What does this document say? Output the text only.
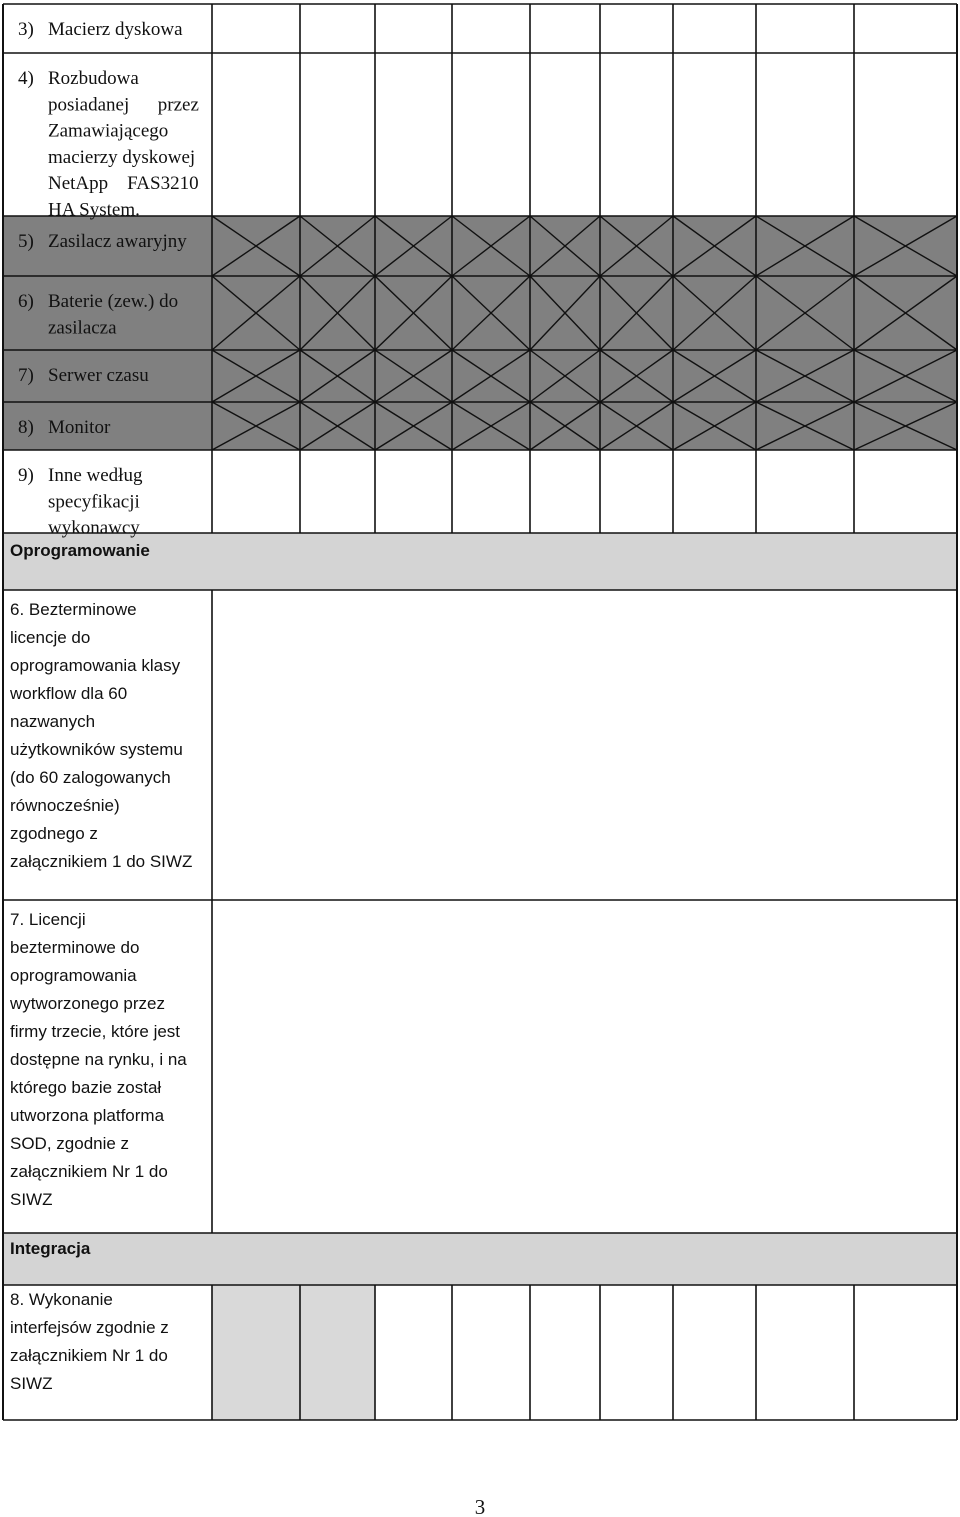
3) Macierz dyskowa
4) Rozbudowa
posiadanej      przez
Zamawiającego
macierzy dyskowej
NetApp    FAS3210
HA System.
5) Zasilacz awaryjny
6) Baterie (zew.) do
zasilacza
7) Serwer czasu
8) Monitor
9) Inne według
specyfikacji
wykonawcy
Oprogramowanie
Integracja
6. Bezterminowe
licencje do
oprogramowania klasy
workflow dla 60
nazwanych
użytkowników systemu
(do 60 zalogowanych
równocześnie)
zgodnego z
załącznikiem 1 do SIWZ
7. Licencji
bezterminowe do
oprogramowania
wytworzonego przez
firmy trzecie, które jest
dostępne na rynku, i na
którego bazie został
utworzona platforma
SOD, zgodnie z
załącznikiem Nr 1 do
SIWZ
8. Wykonanie
interfejsów zgodnie z
załącznikiem Nr 1 do
SIWZ
3
